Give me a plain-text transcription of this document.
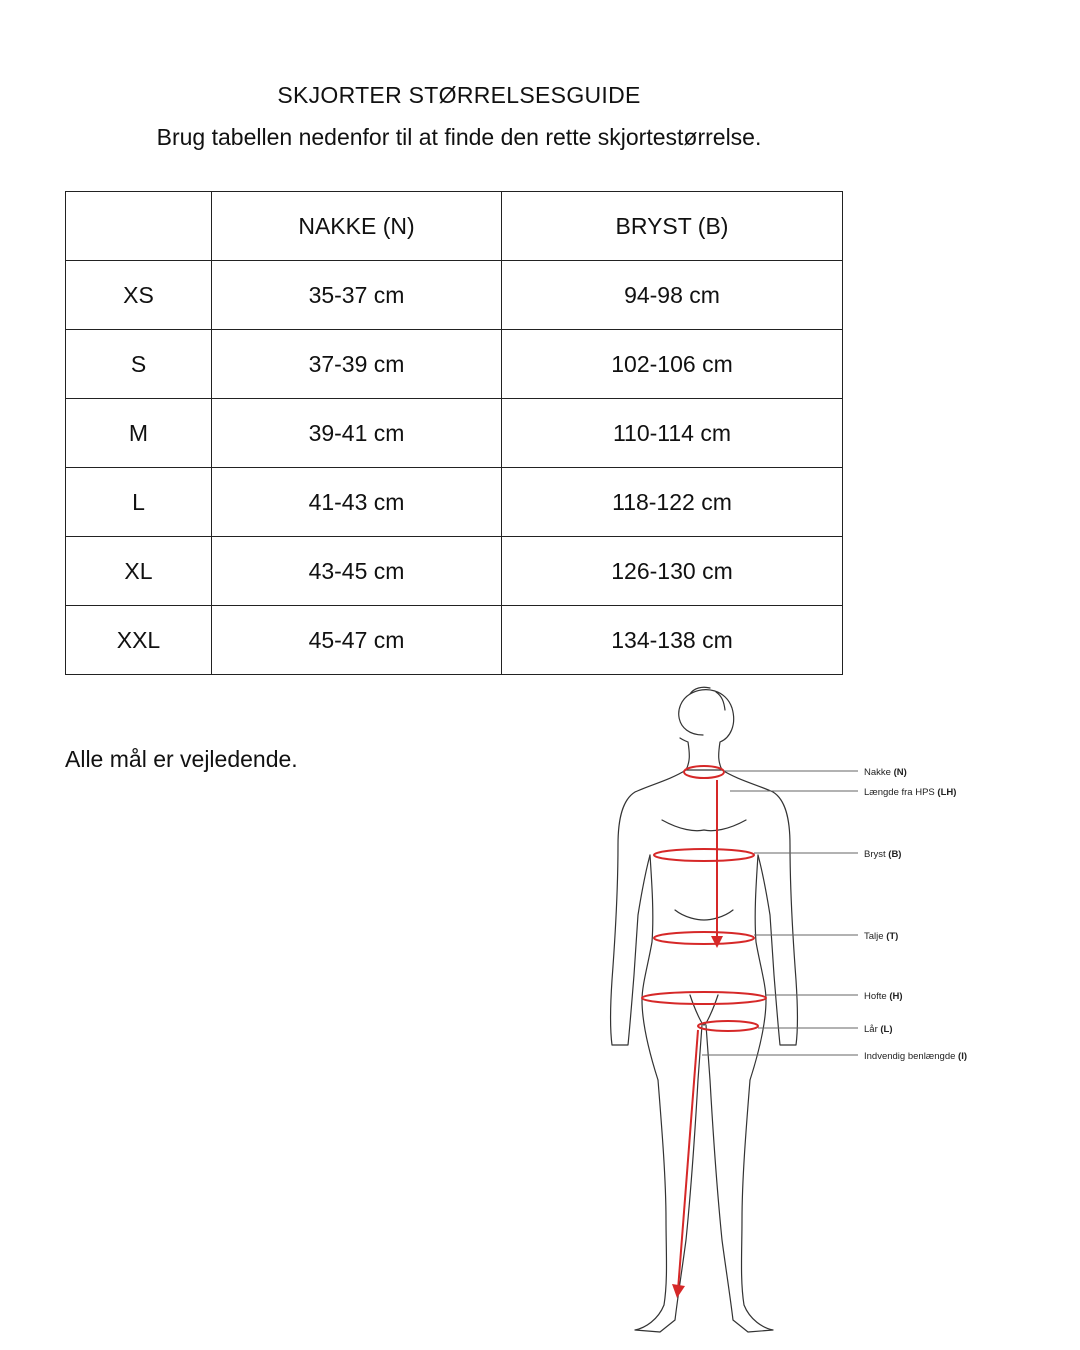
SKJORTER STØRRELSESGUIDE
Brug tabellen nedenfor til at finde den rette skjortestørrelse.
	NAKKE (N)	BRYST (B)
XS	35-37 cm	94-98 cm
S	37-39 cm	102-106 cm
M	39-41 cm	110-114 cm
L	41-43 cm	118-122 cm
XL	43-45 cm	126-130 cm
XXL	45-47 cm	134-138 cm
Alle mål er vejledende.
Nakke (N)
Længde fra HPS (LH)
Bryst (B)
Talje (T)
Hofte (H)
Lår (L)
Indvendig benlængde (I)
